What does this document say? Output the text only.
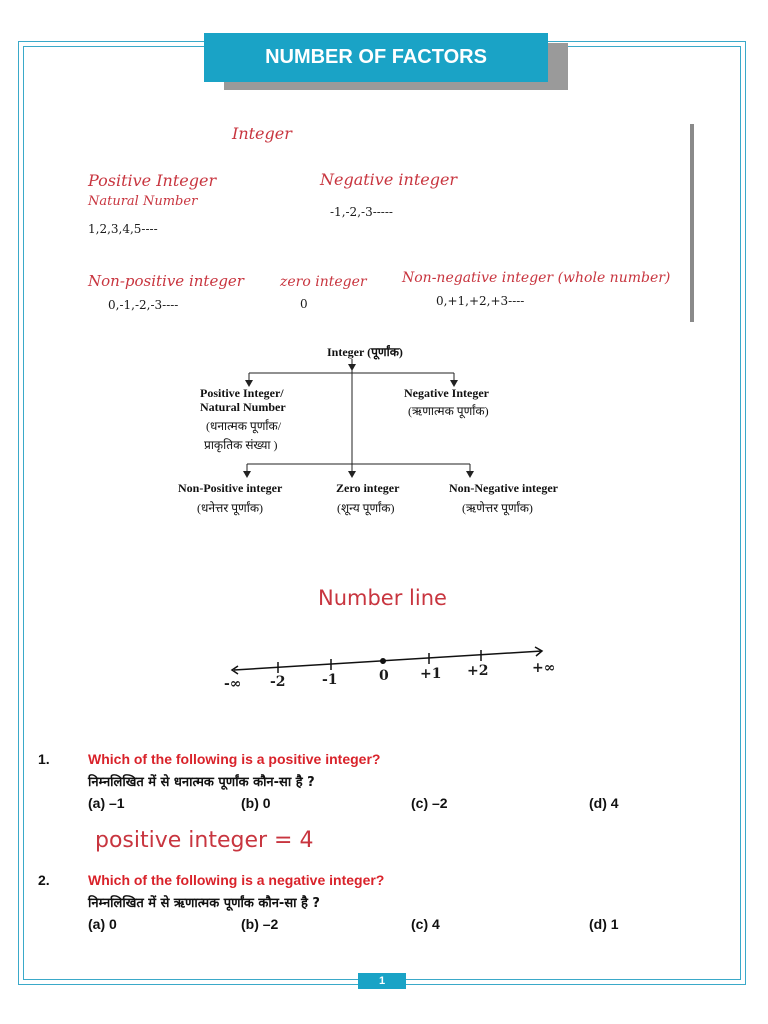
NUMBER OF FACTORS
Integer
Positive Integer
Natural Number
1,2,3,4,5----
Negative integer
-1,-2,-3-----
Non-positive integer
0,-1,-2,-3----
zero integer
0
Non-negative integer (whole number)
0,+1,+2,+3----
Integer (पूर्णांक)
Positive Integer/
Natural Number
(धनात्मक पूर्णांक/
प्राकृतिक संख्या )
Negative Integer
(ऋणात्मक पूर्णांक)
Non-Positive integer
(धनेत्तर पूर्णांक)
Zero integer
(शून्य पूर्णांक)
Non-Negative integer
(ऋणेत्तर पूर्णांक)
Number line
-∞ -2	-1	0 +1 +2	+∞
1.	Which of the following is a positive integer?
निम्नलिखित में से धनात्मक पूर्णांक कौन-सा है ?
(a) –1	(b) 0	(c) –2	(d) 4
positive integer = 4
2.	Which of the following is a negative integer?
निम्नलिखित में से ऋणात्मक पूर्णांक कौन-सा है ?
(a) 0	(b) –2	(c) 4	(d) 1
1
